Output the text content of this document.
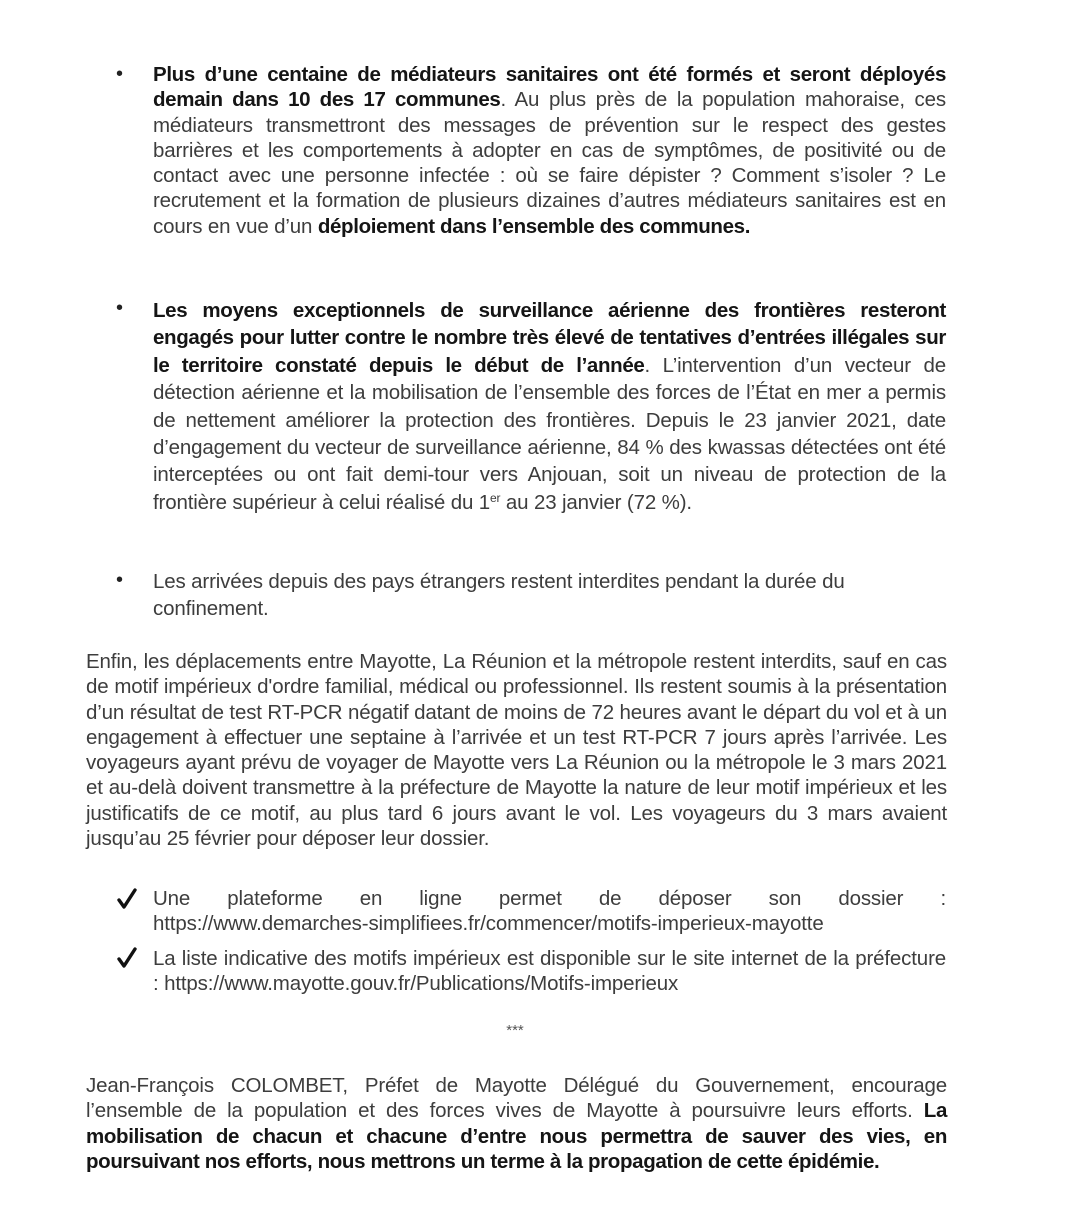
• Plus d’une centaine de médiateurs sanitaires ont été formés et seront déployés demain dans 10 des 17 communes. Au plus près de la population mahoraise, ces médiateurs transmettront des messages de prévention sur le respect des gestes barrières et les comportements à adopter en cas de symptômes, de positivité ou de contact avec une personne infectée : où se faire dépister ? Comment s’isoler ? Le recrutement et la formation de plusieurs dizaines d’autres médiateurs sanitaires est en cours en vue d’un déploiement dans l’ensemble des communes.
• Les moyens exceptionnels de surveillance aérienne des frontières resteront engagés pour lutter contre le nombre très élevé de tentatives d’entrées illégales sur le territoire constaté depuis le début de l’année. L’intervention d’un vecteur de détection aérienne et la mobilisation de l’ensemble des forces de l’État en mer a permis de nettement améliorer la protection des frontières. Depuis le 23 janvier 2021, date d’engagement du vecteur de surveillance aérienne, 84 % des kwassas détectées ont été interceptées ou ont fait demi-tour vers Anjouan, soit un niveau de protection de la frontière supérieur à celui réalisé du 1er au 23 janvier (72 %).
• Les arrivées depuis des pays étrangers restent interdites pendant la durée du confinement.
Enfin, les déplacements entre Mayotte, La Réunion et la métropole restent interdits, sauf en cas de motif impérieux d'ordre familial, médical ou professionnel. Ils restent soumis à la présentation d’un résultat de test RT-PCR négatif datant de moins de 72 heures avant le départ du vol et à un engagement à effectuer une septaine à l’arrivée et un test RT-PCR 7 jours après l’arrivée. Les voyageurs ayant prévu de voyager de Mayotte vers La Réunion ou la métropole le 3 mars 2021 et au-delà doivent transmettre à la préfecture de Mayotte la nature de leur motif impérieux et les justificatifs de ce motif, au plus tard 6 jours avant le vol. Les voyageurs du 3 mars avaient jusqu’au 25 février pour déposer leur dossier.
Une plateforme en ligne permet de déposer son dossier :
https://www.demarches-simplifiees.fr/commencer/motifs-imperieux-mayotte
La liste indicative des motifs impérieux est disponible sur le site internet de la préfecture : https://www.mayotte.gouv.fr/Publications/Motifs-imperieux
***
Jean-François COLOMBET, Préfet de Mayotte Délégué du Gouvernement, encourage l’ensemble de la population et des forces vives de Mayotte à poursuivre leurs efforts. La mobilisation de chacun et chacune d’entre nous permettra de sauver des vies, en poursuivant nos efforts, nous mettrons un terme à la propagation de cette épidémie.
